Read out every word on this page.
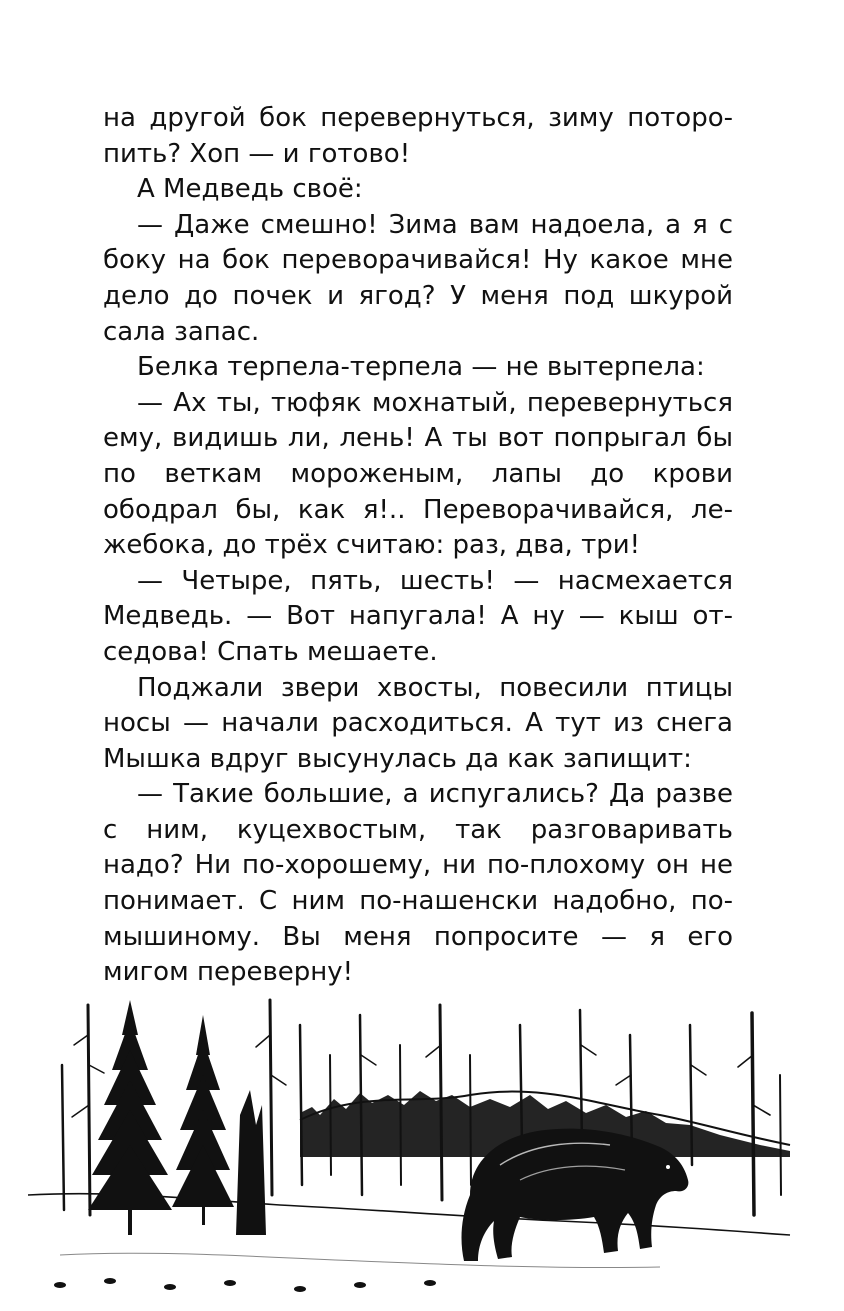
на другой бок перевернуться, зиму поторопить? Хоп — и готово!

А Медведь своё:

— Даже смешно! Зима вам надоела, а я с боку на бок переворачивайся! Ну какое мне дело до почек и ягод? У меня под шкурой сала запас.

Белка терпела-терпела — не вытерпела:

— Ах ты, тюфяк мохнатый, перевернуться ему, видишь ли, лень! А ты вот попрыгал бы по веткам мороженым, лапы до крови ободрал бы, как я!.. Переворачивайся, лежебока, до трёх считаю: раз, два, три!

— Четыре, пять, шесть! — насмехается Медведь. — Вот напугала! А ну — кыш отседова! Спать мешаете.

Поджали звери хвосты, повесили птицы носы — начали расходиться. А тут из снега Мышка вдруг высунулась да как запищит:

— Такие большие, а испугались? Да разве с ним, куцехвостым, так разговаривать надо? Ни по-хорошему, ни по-плохому он не понимает. С ним по-нашенски надобно, по-мышиному. Вы меня попросите — я его мигом переверну!
